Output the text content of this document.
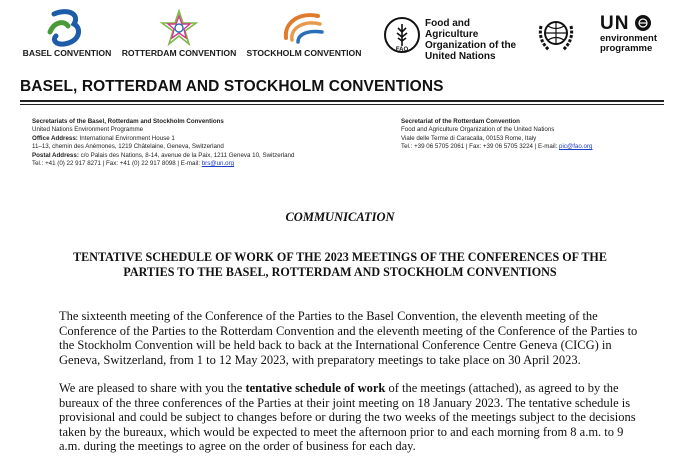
BASEL CONVENTION ROTTERDAM CONVENTION STOCKHOLM CONVENTION	FAO
Food and Agriculture
Organization of the
United Nations
UN
environment
programme
BASEL, ROTTERDAM AND STOCKHOLM CONVENTIONS
Secretariats of the Basel, Rotterdam and Stockholm Conventions
United Nations Environment Programme
Office Address: International Environment House 1
11–13, chemin des Anémones, 1219 Châtelaine, Geneva, Switzerland
Postal Address: c/o Palais des Nations, 8-14, avenue de la Paix, 1211 Geneva 10, Switzerland
Tel.: +41 (0) 22 917 8271 | Fax: +41 (0) 22 917 8098 | E-mail: brs@un.org
Secretariat of the Rotterdam Convention
Food and Agriculture Organization of the United Nations
Viale delle Terme di Caracalla, 00153 Rome, Italy
Tel.: +39 06 5705 2061 | Fax: +39 06 5705 3224 | E-mail: pic@fao.org
COMMUNICATION
TENTATIVE SCHEDULE OF WORK OF THE 2023 MEETINGS OF THE CONFERENCES OF THE
PARTIES TO THE BASEL, ROTTERDAM AND STOCKHOLM CONVENTIONS
The sixteenth meeting of the Conference of the Parties to the Basel Convention, the eleventh meeting of the
Conference of the Parties to the Rotterdam Convention and the eleventh meeting of the Conference of the Parties to
the Stockholm Convention will be held back to back at the International Conference Centre Geneva (CICG) in
Geneva, Switzerland, from 1 to 12 May 2023, with preparatory meetings to take place on 30 April 2023.
We are pleased to share with you the tentative schedule of work of the meetings (attached), as agreed to by the
bureaux of the three conferences of the Parties at their joint meeting on 18 January 2023. The tentative schedule is
provisional and could be subject to changes before or during the two weeks of the meetings subject to the decisions
taken by the bureaux, which would be expected to meet the afternoon prior to and each morning from 8 a.m. to 9
a.m. during the meetings to agree on the order of business for each day.
